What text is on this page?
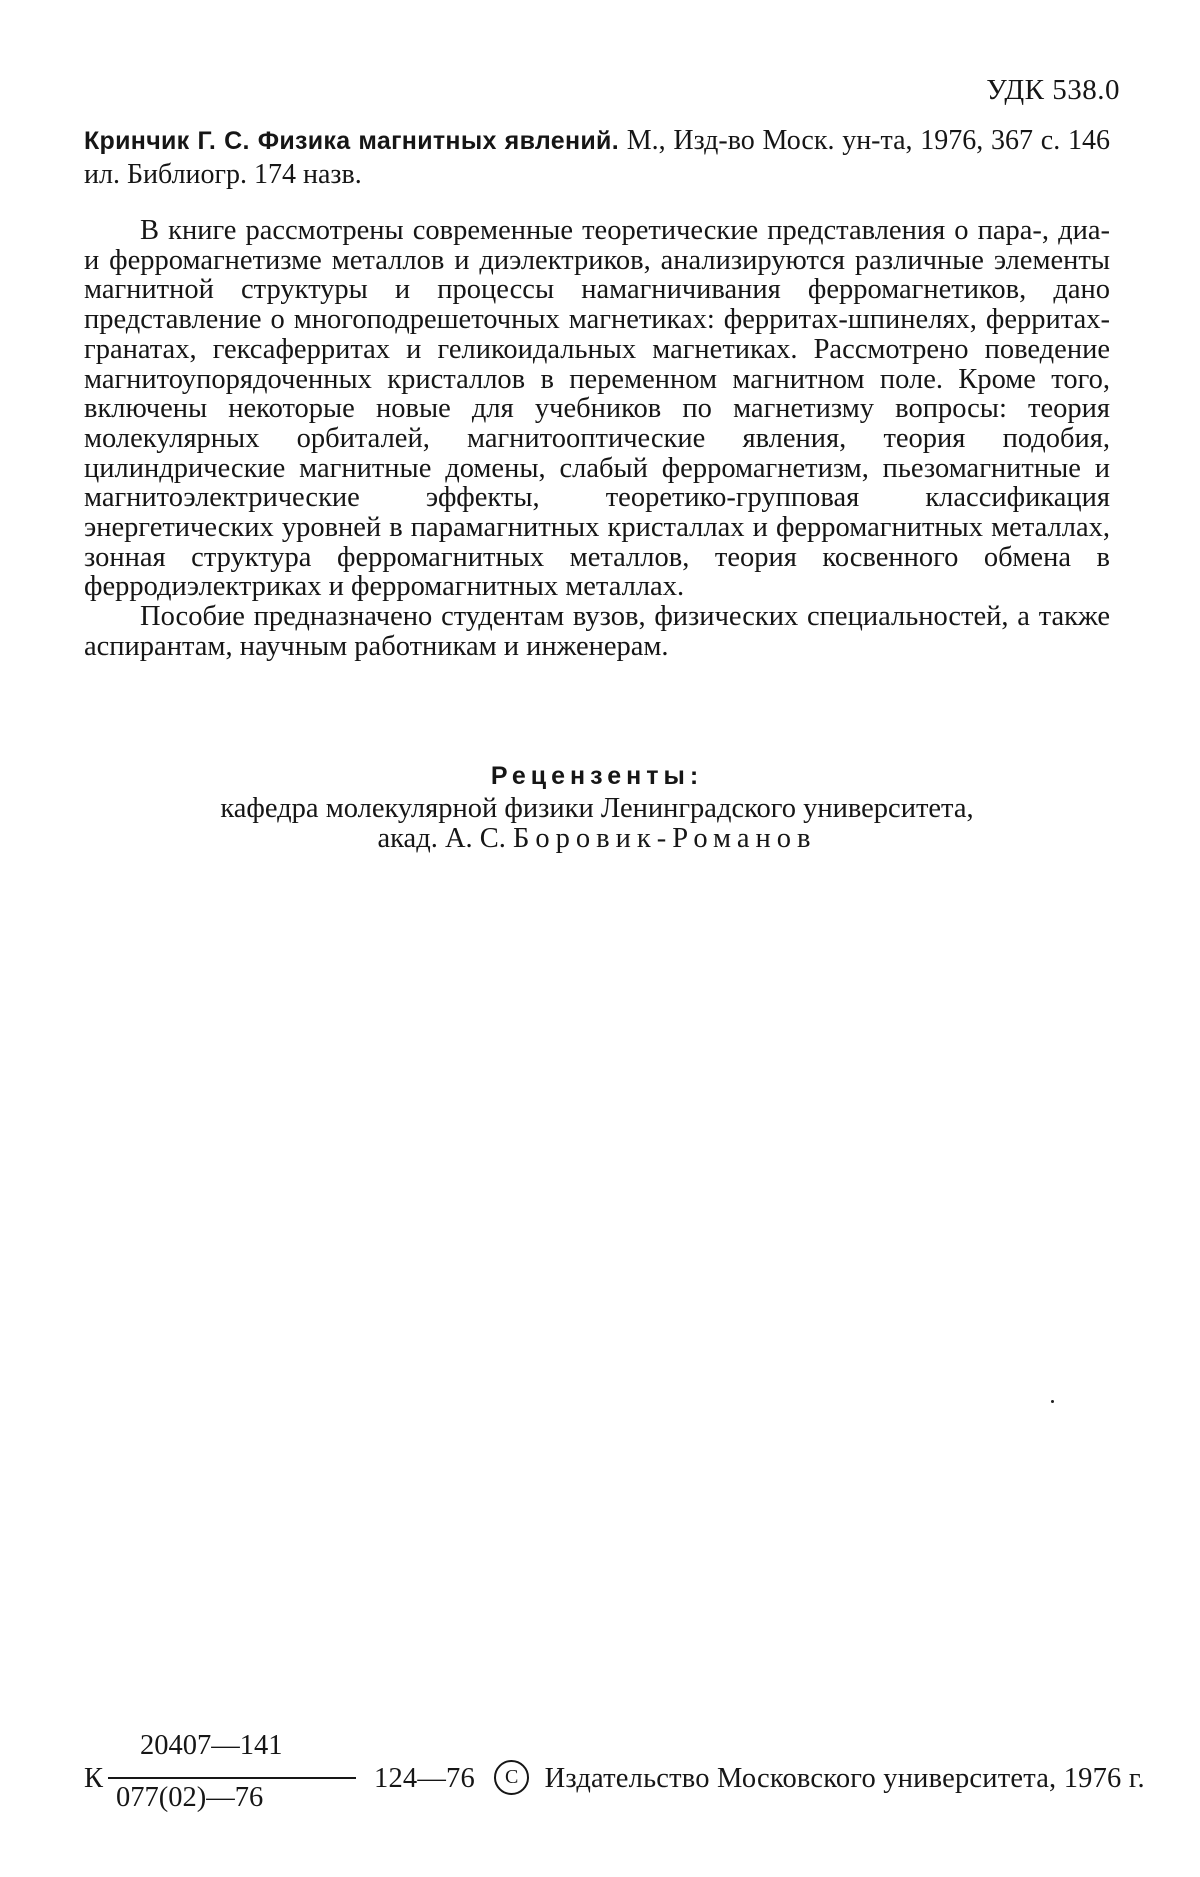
УДК 538.0
Кринчик Г. С. Физика магнитных явлений. М., Изд-во Моск. ун-та, 1976, 367 с. 146 ил. Библиогр. 174 назв.

В книге рассмотрены современные теоретические представления о пара-, диа- и ферромагнетизме металлов и диэлектриков, анализируются различные элементы магнитной структуры и процессы намагничивания ферромагнетиков, дано представление о многоподрешеточных магнетиках: ферритах-шпинелях, ферритах-гранатах, гексаферритах и геликоидальных магнетиках. Рассмотрено поведение магнитоупорядоченных кристаллов в переменном магнитном поле. Кроме того, включены некоторые новые для учебников по магнетизму вопросы: теория молекулярных орбиталей, магнитооптические явления, теория подобия, цилиндрические магнитные домены, слабый ферромагнетизм, пьезомагнитные и магнитоэлектрические эффекты, теоретико-групповая классификация энергетических уровней в парамагнитных кристаллах и ферромагнитных металлах, зонная структура ферромагнитных металлов, теория косвенного обмена в ферродиэлектриках и ферромагнитных металлах.

Пособие предназначено студентам вузов, физических специальностей, а также аспирантам, научным работникам и инженерам.

Рецензенты:
кафедра молекулярной физики Ленинградского университета,
акад. А. С. Боровик-Романов
К
20407—141
077(02)—76
124—76 C Издательство Московского университета, 1976 г.
